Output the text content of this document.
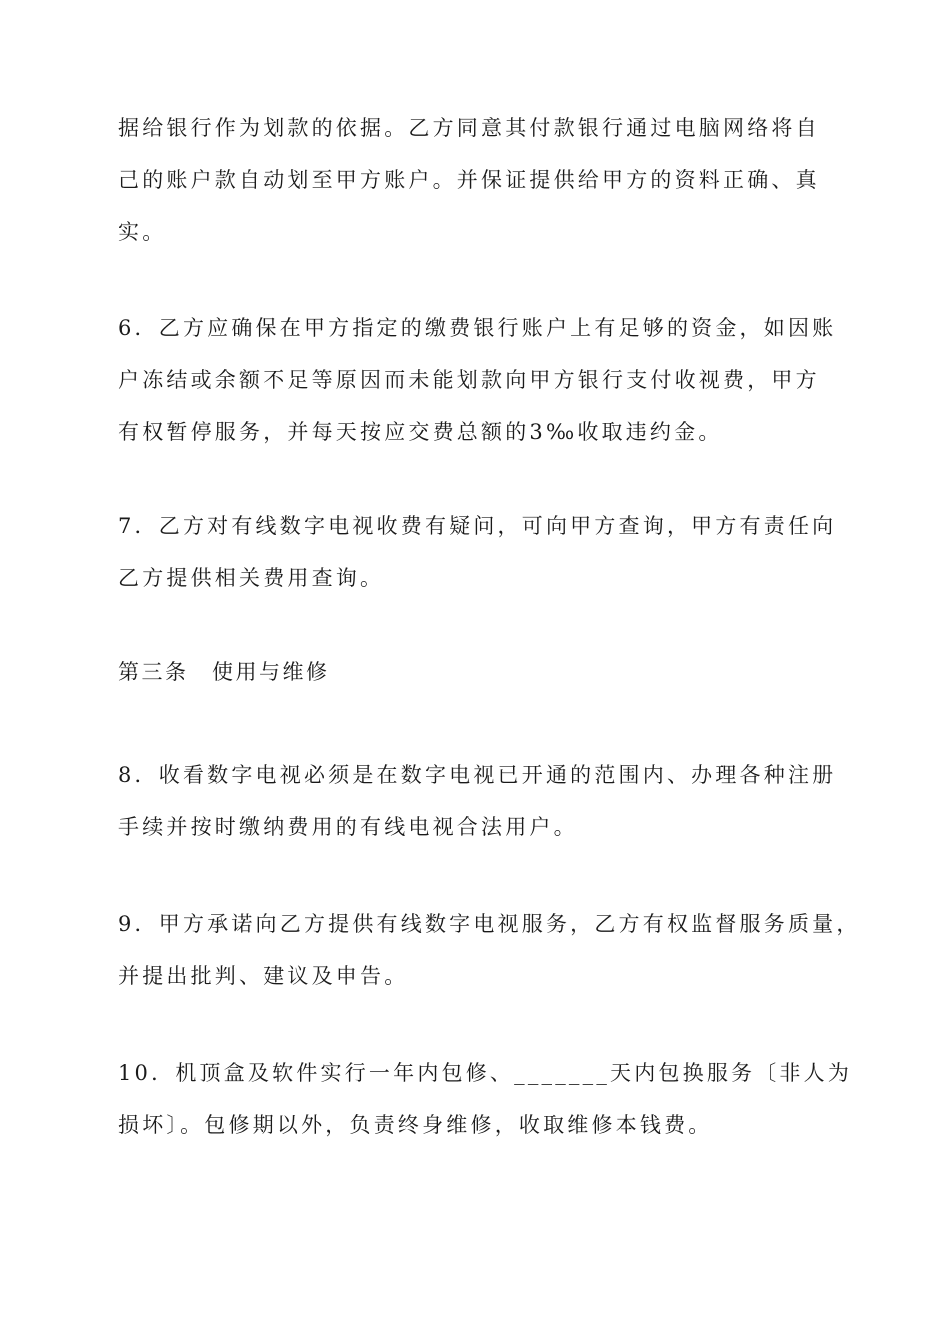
据给银行作为划款的依据。乙方同意其付款银行通过电脑网络将自
己的账户款自动划至甲方账户。并保证提供给甲方的资料正确、真
实。

6．乙方应确保在甲方指定的缴费银行账户上有足够的资金，如因账
户冻结或余额不足等原因而未能划款向甲方银行支付收视费，甲方
有权暂停服务，并每天按应交费总额的3‰收取违约金。

7．乙方对有线数字电视收费有疑问，可向甲方查询，甲方有责任向
乙方提供相关费用查询。

第三条　使用与维修

8．收看数字电视必须是在数字电视已开通的范围内、办理各种注册
手续并按时缴纳费用的有线电视合法用户。

9．甲方承诺向乙方提供有线数字电视服务，乙方有权监督服务质量，
并提出批判、建议及申告。

10．机顶盒及软件实行一年内包修、_______天内包换服务〔非人为
损坏〕。包修期以外，负责终身维修，收取维修本钱费。
